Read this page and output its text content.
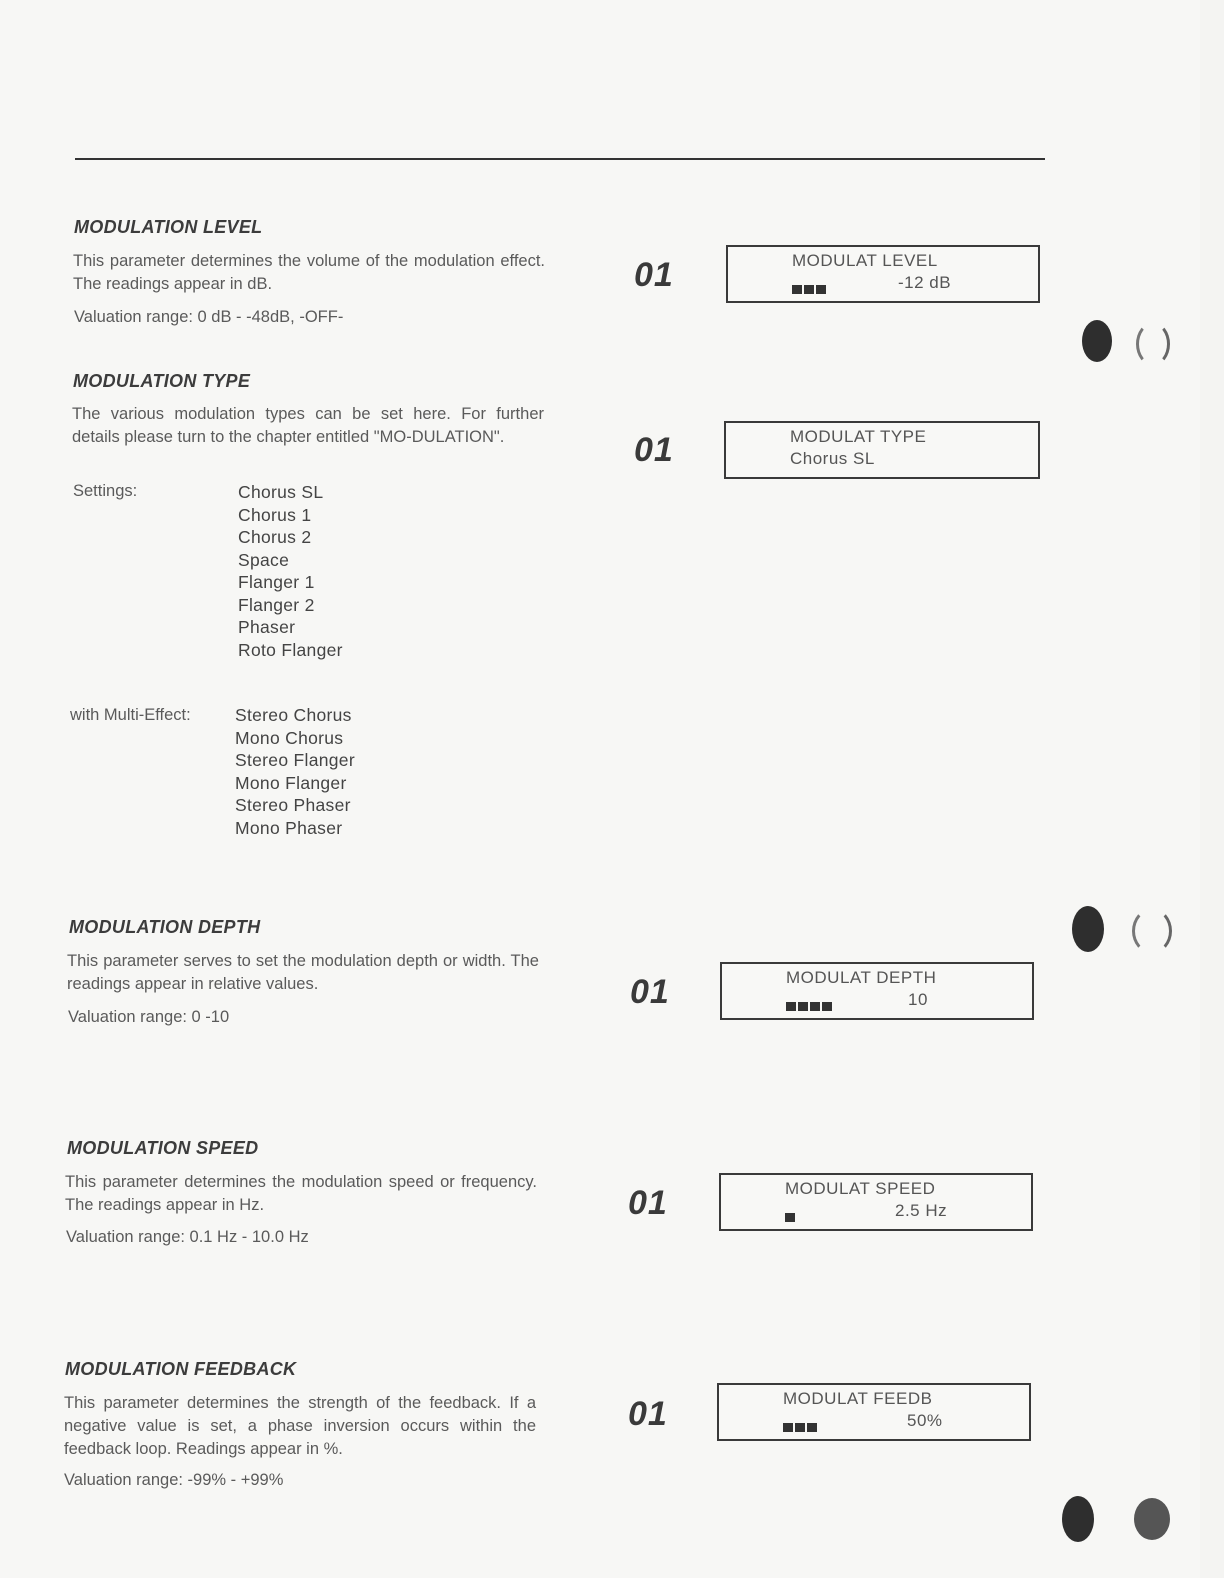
MODULATION LEVEL

This parameter determines the volume of the modulation effect. The readings appear in dB.

Valuation range: 0 dB - -48dB, -OFF-

01	MODULAT LEVEL
-12 dB
MODULATION TYPE

The various modulation types can be set here. For further details please turn to the chapter entitled "MO-DULATION".

Settings:	Chorus SL
Chorus 1
Chorus 2
Space
Flanger 1
Flanger 2
Phaser
Roto Flanger
with Multi-Effect:	Stereo Chorus
Mono Chorus
Stereo Flanger
Mono Flanger
Stereo Phaser
Mono Phaser
01	MODULAT TYPE
Chorus SL
MODULATION DEPTH

This parameter serves to set the modulation depth or width. The readings appear in relative values.

Valuation range: 0 -10

01	MODULAT DEPTH
10
MODULATION SPEED

This parameter determines the modulation speed or frequency. The readings appear in Hz.

Valuation range: 0.1 Hz - 10.0 Hz

01	MODULAT SPEED
2.5 Hz
MODULATION FEEDBACK

This parameter determines the strength of the feedback. If a negative value is set, a phase inversion occurs within the feedback loop. Readings appear in %.

Valuation range: -99% - +99%

01	MODULAT FEEDB
50%
